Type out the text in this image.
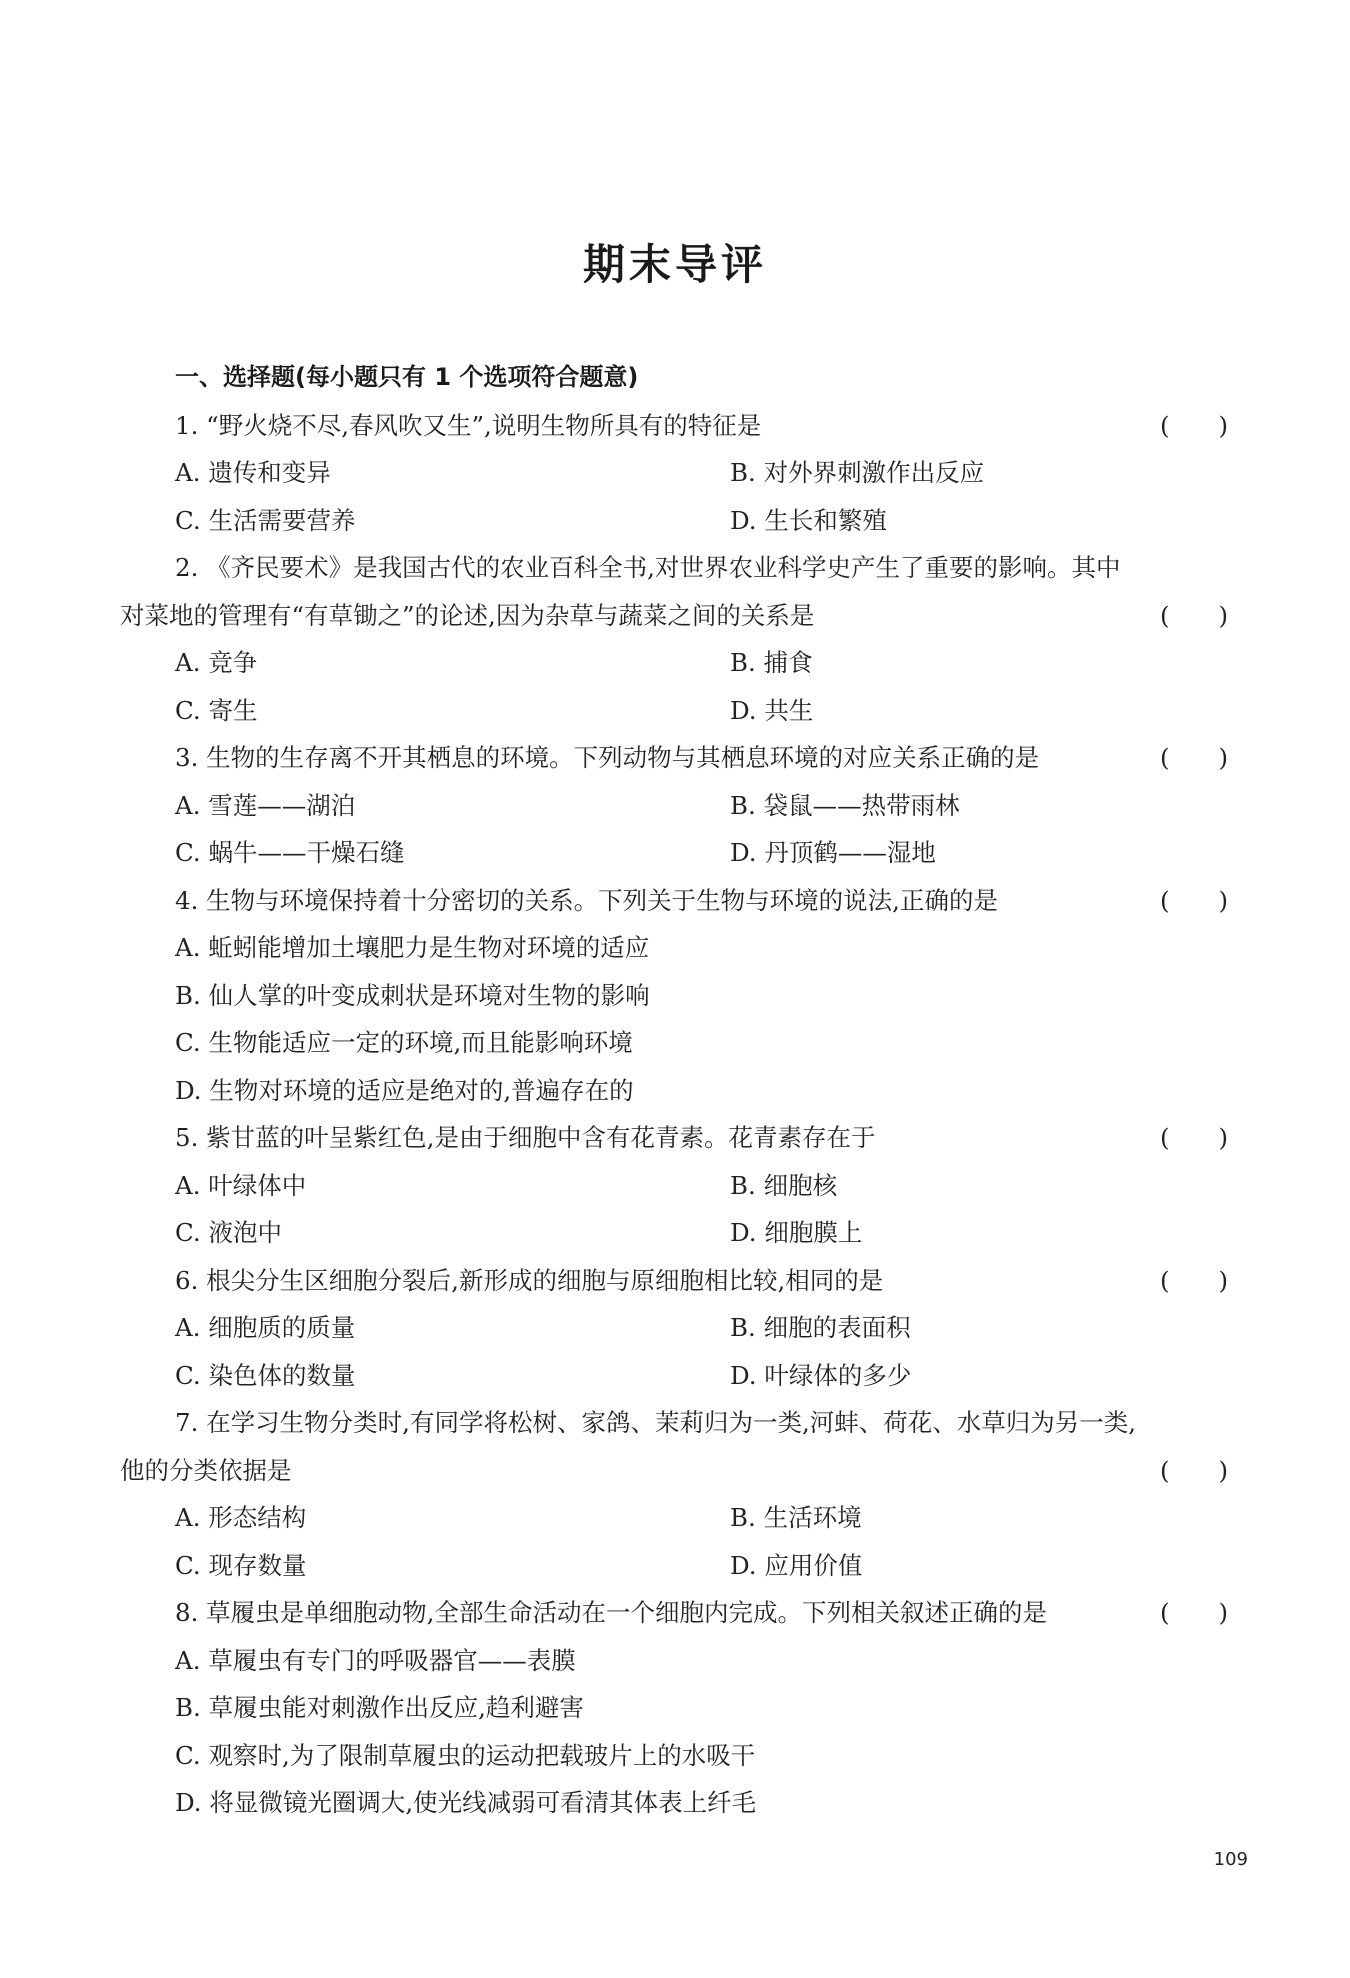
期末导评
一、选择题(每小题只有 1 个选项符合题意)
1. “野火烧不尽,春风吹又生”,说明生物所具有的特征是	(　　)
A. 遗传和变异	B. 对外界刺激作出反应
C. 生活需要营养	D. 生长和繁殖
2. 《齐民要术》是我国古代的农业百科全书,对世界农业科学史产生了重要的影响。其中
对菜地的管理有“有草锄之”的论述,因为杂草与蔬菜之间的关系是	(　　)
A. 竞争	B. 捕食
C. 寄生	D. 共生
3. 生物的生存离不开其栖息的环境。下列动物与其栖息环境的对应关系正确的是	(　　)
A. 雪莲——湖泊	B. 袋鼠——热带雨林
C. 蜗牛——干燥石缝	D. 丹顶鹤——湿地
4. 生物与环境保持着十分密切的关系。下列关于生物与环境的说法,正确的是	(　　)
A. 蚯蚓能增加土壤肥力是生物对环境的适应
B. 仙人掌的叶变成刺状是环境对生物的影响
C. 生物能适应一定的环境,而且能影响环境
D. 生物对环境的适应是绝对的,普遍存在的
5. 紫甘蓝的叶呈紫红色,是由于细胞中含有花青素。花青素存在于	(　　)
A. 叶绿体中	B. 细胞核
C. 液泡中	D. 细胞膜上
6. 根尖分生区细胞分裂后,新形成的细胞与原细胞相比较,相同的是	(　　)
A. 细胞质的质量	B. 细胞的表面积
C. 染色体的数量	D. 叶绿体的多少
7. 在学习生物分类时,有同学将松树、家鸽、茉莉归为一类,河蚌、荷花、水草归为另一类,
他的分类依据是	(　　)
A. 形态结构	B. 生活环境
C. 现存数量	D. 应用价值
8. 草履虫是单细胞动物,全部生命活动在一个细胞内完成。下列相关叙述正确的是	(　　)
A. 草履虫有专门的呼吸器官——表膜
B. 草履虫能对刺激作出反应,趋利避害
C. 观察时,为了限制草履虫的运动把载玻片上的水吸干
D. 将显微镜光圈调大,使光线减弱可看清其体表上纤毛
109
